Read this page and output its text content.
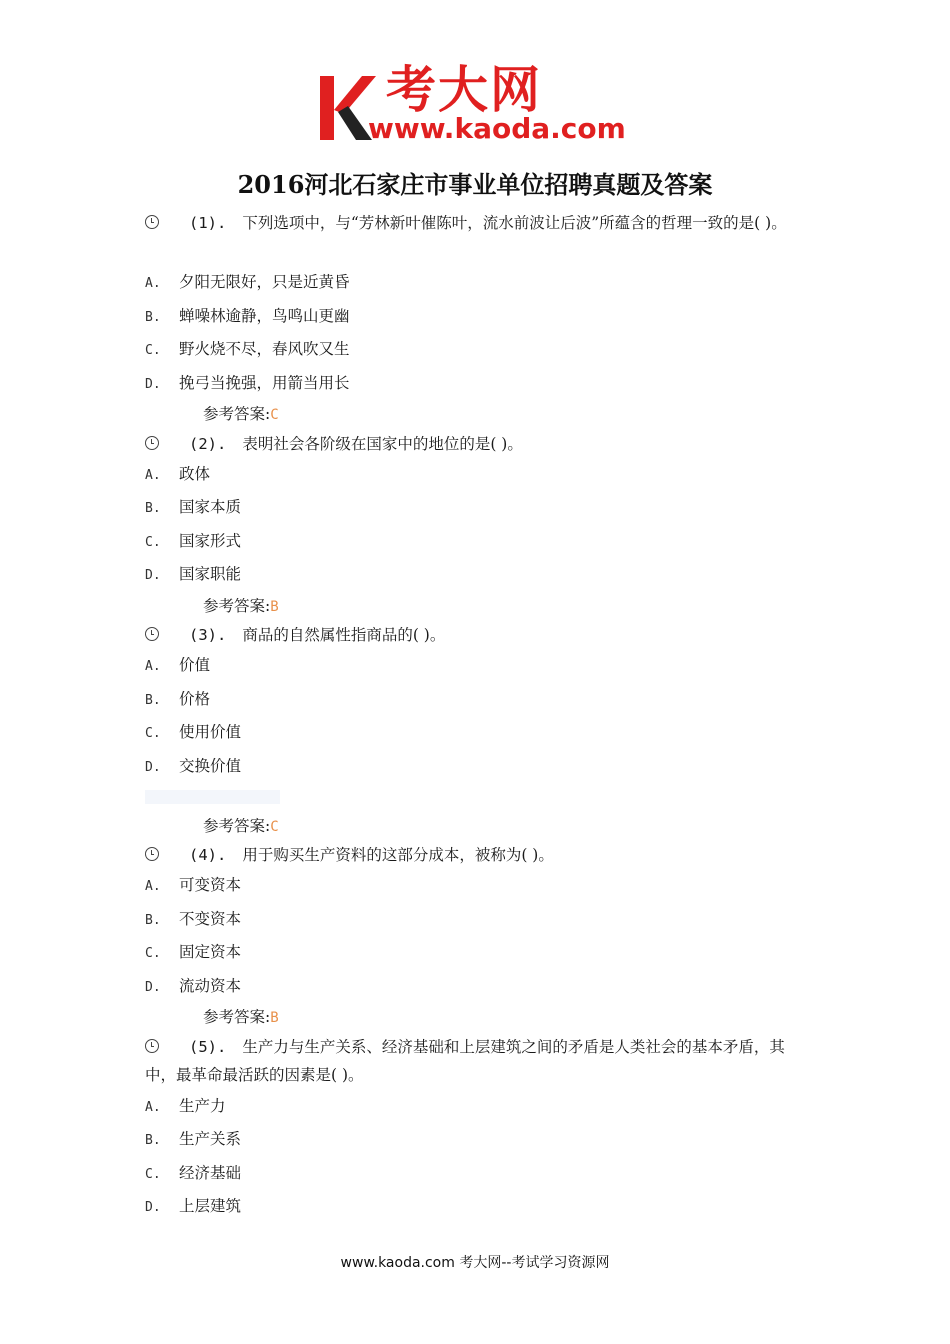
考大网
www.kaoda.com
2016河北石家庄市事业单位招聘真题及答案
(1). 下列选项中，与“芳林新叶催陈叶，流水前波让后波”所蕴含的哲理一致的是( )。
A. 夕阳无限好，只是近黄昏
B. 蝉噪林逾静，鸟鸣山更幽
C. 野火烧不尽，春风吹又生
D. 挽弓当挽强，用箭当用长
参考答案:C
(2). 表明社会各阶级在国家中的地位的是( )。
A. 政体
B. 国家本质
C. 国家形式
D. 国家职能
参考答案:B
(3). 商品的自然属性指商品的( )。
A. 价值
B. 价格
C. 使用价值
D. 交换价值
参考答案:C
(4). 用于购买生产资料的这部分成本，被称为( )。
A. 可变资本
B. 不变资本
C. 固定资本
D. 流动资本
参考答案:B
(5). 生产力与生产关系、经济基础和上层建筑之间的矛盾是人类社会的基本矛盾，其中，最革命最活跃的因素是( )。
A. 生产力
B. 生产关系
C. 经济基础
D. 上层建筑
www.kaoda.com 考大网--考试学习资源网
